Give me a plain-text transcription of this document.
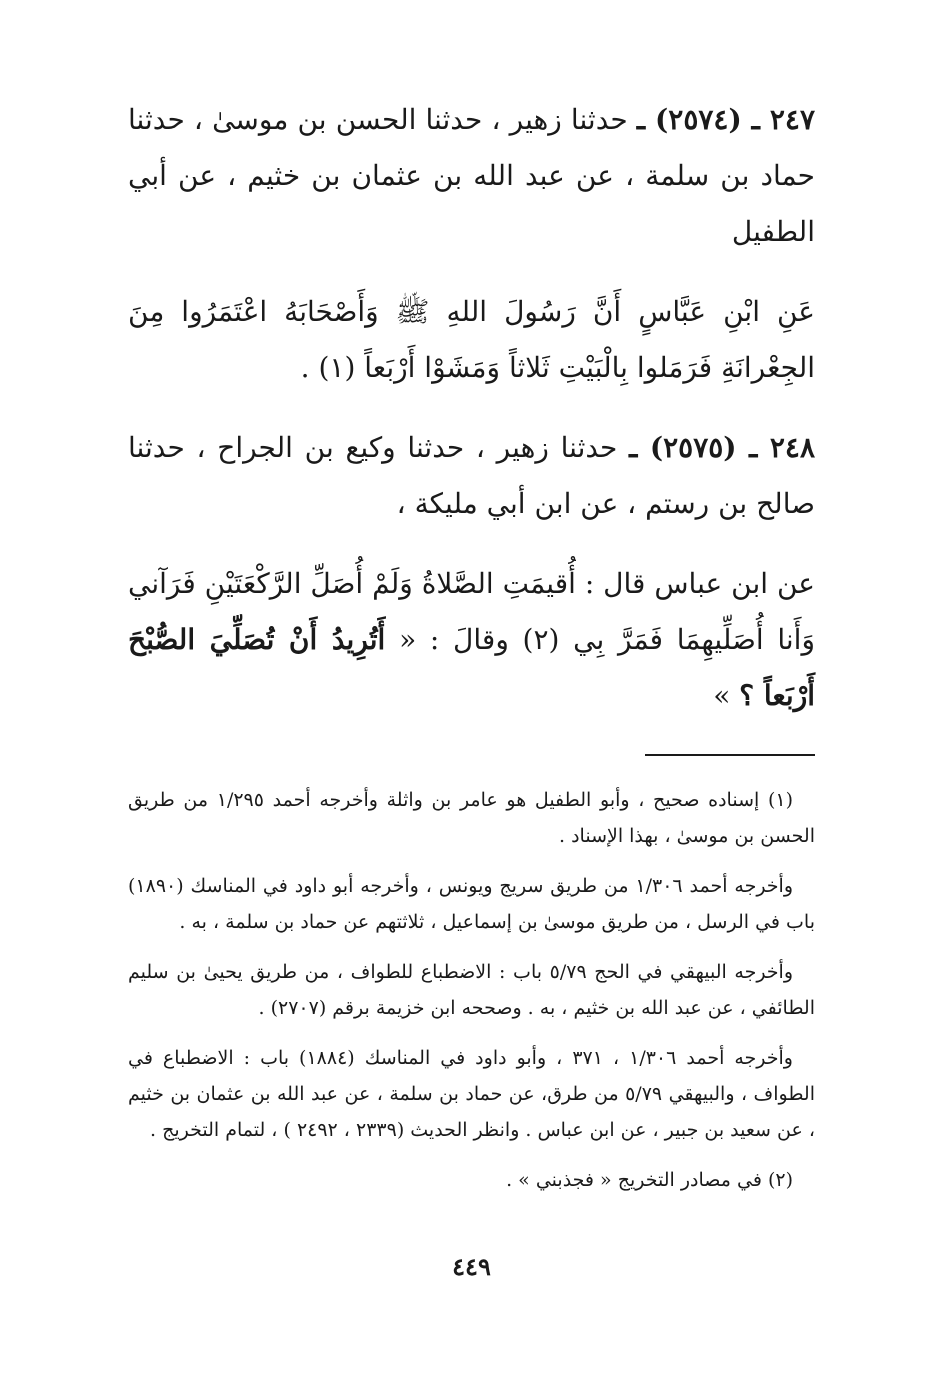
٢٤٧ ـ (٢٥٧٤) ـ حدثنا زهير ، حدثنا الحسن بن موسىٰ ، حدثنا حماد بن سلمة ، عن عبد الله بن عثمان بن خثيم ، عن أبي الطفيل

عَنِ ابْنِ عَبَّاسٍ أَنَّ رَسُولَ اللهِ ﷺ وَأَصْحَابَهُ اعْتَمَرُوا مِنَ الجِعْرانَةِ فَرَمَلوا بِالْبَيْتِ ثَلاثاً وَمَشَوْا أَرْبَعاً (١) .

٢٤٨ ـ (٢٥٧٥) ـ حدثنا زهير ، حدثنا وكيع بن الجراح ، حدثنا صالح بن رستم ، عن ابن أبي مليكة ،

عن ابن عباس قال : أُقيمَتِ الصَّلاةُ وَلَمْ أُصَلِّ الرَّكْعَتَيْنِ فَرَآني وَأَنا أُصَلِّيهِمَا فَمَرَّ بِي (٢) وقالَ : « أَتُرِيدُ أَنْ تُصَلِّيَ الصُّبْحَ أَرْبَعاً ؟ »

(١) إسناده صحيح ، وأبو الطفيل هو عامر بن واثلة وأخرجه أحمد ١/٢٩٥ من طريق الحسن بن موسىٰ ، بهذا الإسناد .

وأخرجه أحمد ١/٣٠٦ من طريق سريج ويونس ، وأخرجه أبو داود في المناسك (١٨٩٠) باب في الرسل ، من طريق موسىٰ بن إسماعيل ، ثلاثتهم عن حماد بن سلمة ، به .

وأخرجه البيهقي في الحج ٥/٧٩ باب : الاضطباع للطواف ، من طريق يحيىٰ بن سليم الطائفي ، عن عبد الله بن خثيم ، به . وصححه ابن خزيمة برقم (٢٧٠٧) .

وأخرجه أحمد ١/٣٠٦ ، ٣٧١ ، وأبو داود في المناسك (١٨٨٤) باب : الاضطباع في الطواف ، والبيهقي ٥/٧٩ من طرق، عن حماد بن سلمة ، عن عبد الله بن عثمان بن خثيم ، عن سعيد بن جبير ، عن ابن عباس . وانظر الحديث (٢٣٣٩ ، ٢٤٩٢ ) ، لتمام التخريج .

(٢) في مصادر التخريج « فجذبني » .

٤٤٩
